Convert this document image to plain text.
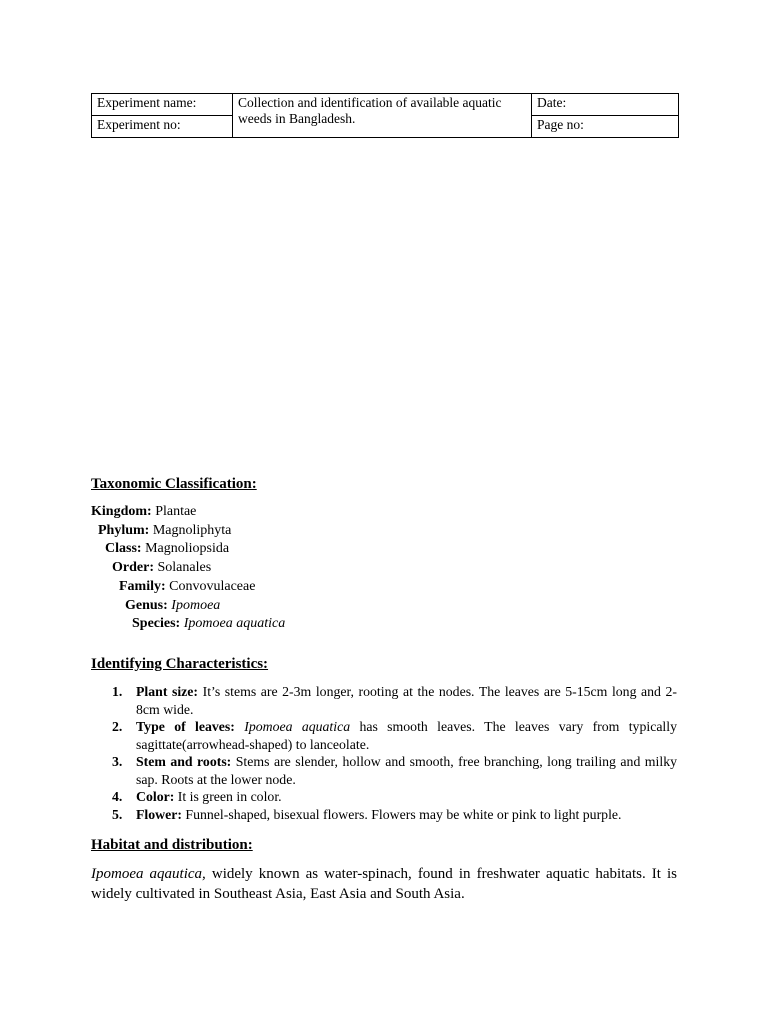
Experiment name:	Collection and identification of available aquatic weeds in Bangladesh.	Date:
Experiment no:		Page no:
Taxonomic Classification:
Kingdom: Plantae
Phylum: Magnoliphyta
Class: Magnoliopsida
Order: Solanales
Family: Convovulaceae
Genus: Ipomoea
Species: Ipomoea aquatica
Identifying Characteristics:
1. Plant size: It’s stems are 2-3m longer, rooting at the nodes. The leaves are 5-15cm long and 2-8cm wide.
2. Type of leaves: Ipomoea aquatica has smooth leaves. The leaves vary from typically sagittate(arrowhead-shaped) to lanceolate.
3. Stem and roots: Stems are slender, hollow and smooth, free branching, long trailing and milky sap. Roots at the lower node.
4. Color: It is green in color.
5. Flower: Funnel-shaped, bisexual flowers. Flowers may be white or pink to light purple.
Habitat and distribution:
Ipomoea aqautica, widely known as water-spinach, found in freshwater aquatic habitats. It is widely cultivated in Southeast Asia, East Asia and South Asia.
